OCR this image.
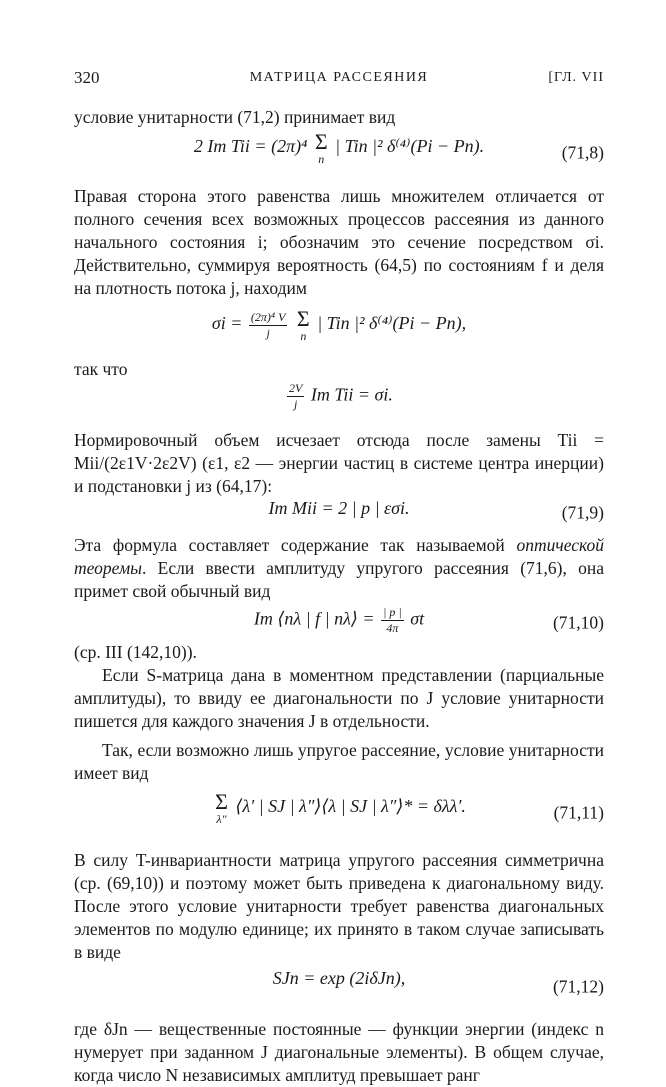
320	МАТРИЦА РАССЕЯНИЯ	[ГЛ. VII

условие унитарности (71,2) принимает вид

2 Im Tii = (2π)⁴ Σ
n
| Tin |² δ⁽⁴⁾(Pi − Pn).	(71,8)

Правая сторона этого равенства лишь множителем отличается от полного сечения всех возможных процессов рассеяния из данного начального состояния i; обозначим это сечение посредством σi. Действительно, суммируя вероятность (64,5) по состояниям f и деля на плотность потока j, находим

$\sigma i = \frac{\text{(2π)⁴ V}}{j}$
Σ
n
| Tin |² δ⁽⁴⁾(Pi − Pn),

так что

$\frac{2V}{j}$ Im Tii = σi.

Нормировочный объем исчезает отсюда после замены Tii = Mii/(2ε1V·2ε2V) (ε1, ε2 — энергии частиц в системе центра инерции) и подстановки j из (64,17):

Im Mii = 2 | p | εσi.	(71,9)

Эта формула составляет содержание так называемой оптической теоремы. Если ввести амплитуду упругого рассеяния (71,6), она примет свой обычный вид

Im ⟨nλ | f | nλ⟩ = $\frac{| p |}{4\pi}$ σt	(71,10)

(ср. III (142,10)).

Если S-матрица дана в моментном представлении (парциальные амплитуды), то ввиду ее диагональности по J условие унитарности пишется для каждого значения J в отдельности.

Так, если возможно лишь упругое рассеяние, условие унитарности имеет вид

Σ
λ″
⟨λ′ | SJ | λ″⟩⟨λ | SJ | λ″⟩* = δλλ′.	(71,11)

В силу T-инвариантности матрица упругого рассеяния симметрична (ср. (69,10)) и поэтому может быть приведена к диагональному виду. После этого условие унитарности требует равенства диагональных элементов по модулю единице; их принято в таком случае записывать в виде

SJn = exp (2iδJn),	(71,12)

где δJn — вещественные постоянные — функции энергии (индекс n нумерует при заданном J диагональные элементы). В общем случае, когда число N независимых амплитуд превышает ранг
